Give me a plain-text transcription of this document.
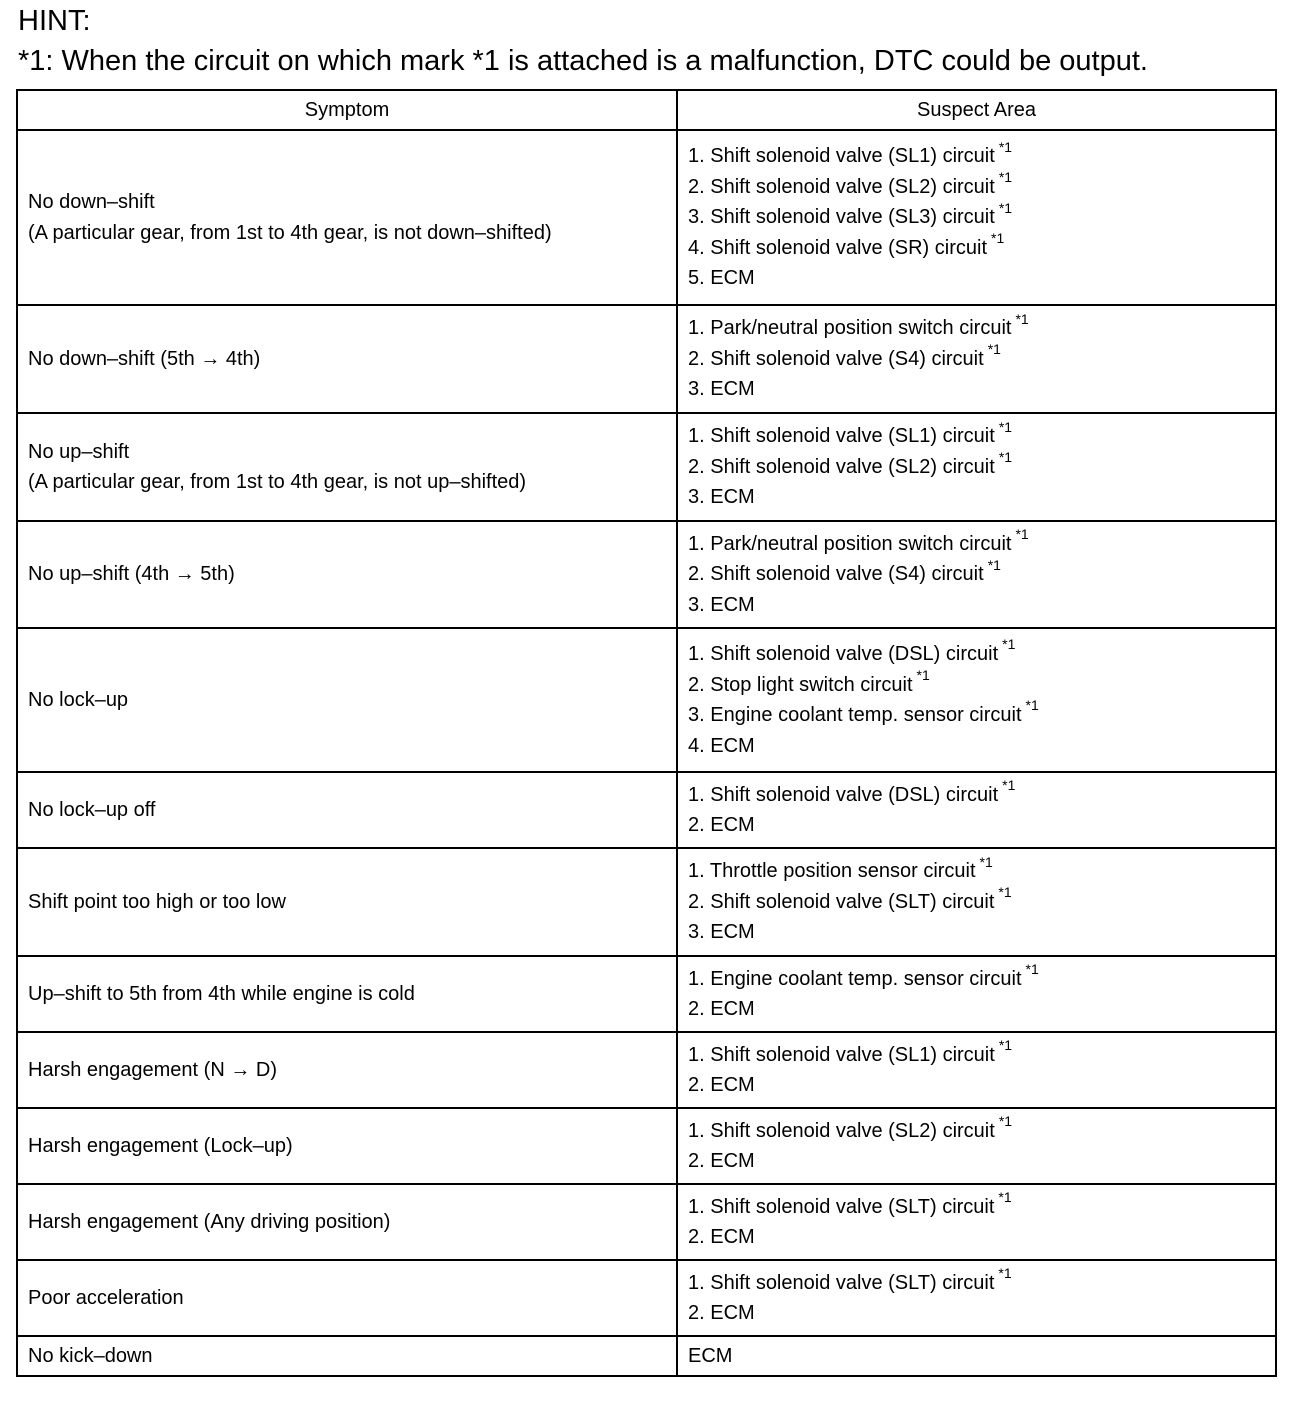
HINT:
*1: When the circuit on which mark *1 is attached is a malfunction, DTC could be output.
Symptom	Suspect Area

No down–shift
(A particular gear, from 1st to 4th gear, is not down–shifted)	1. Shift solenoid valve (SL1) circuit $^{*1}$
2. Shift solenoid valve (SL2) circuit $^{*1}$
3. Shift solenoid valve (SL3) circuit $^{*1}$
4. Shift solenoid valve (SR) circuit $^{*1}$
5. ECM

No down–shift (5th → 4th)	1. Park/neutral position switch circuit $^{*1}$
2. Shift solenoid valve (S4) circuit $^{*1}$
3. ECM

No up–shift
(A particular gear, from 1st to 4th gear, is not up–shifted)	1. Shift solenoid valve (SL1) circuit $^{*1}$
2. Shift solenoid valve (SL2) circuit $^{*1}$
3. ECM

No up–shift (4th → 5th)	1. Park/neutral position switch circuit $^{*1}$
2. Shift solenoid valve (S4) circuit $^{*1}$
3. ECM

No lock–up	1. Shift solenoid valve (DSL) circuit $^{*1}$
2. Stop light switch circuit $^{*1}$
3. Engine coolant temp. sensor circuit $^{*1}$
4. ECM

No lock–up off	1. Shift solenoid valve (DSL) circuit $^{*1}$
2. ECM

Shift point too high or too low	1. Throttle position sensor circuit $^{*1}$
2. Shift solenoid valve (SLT) circuit $^{*1}$
3. ECM

Up–shift to 5th from 4th while engine is cold	1. Engine coolant temp. sensor circuit $^{*1}$
2. ECM

Harsh engagement (N → D)	1. Shift solenoid valve (SL1) circuit $^{*1}$
2. ECM

Harsh engagement (Lock–up)	1. Shift solenoid valve (SL2) circuit $^{*1}$
2. ECM

Harsh engagement (Any driving position)	1. Shift solenoid valve (SLT) circuit $^{*1}$
2. ECM

Poor acceleration	1. Shift solenoid valve (SLT) circuit $^{*1}$
2. ECM

No kick–down	ECM
